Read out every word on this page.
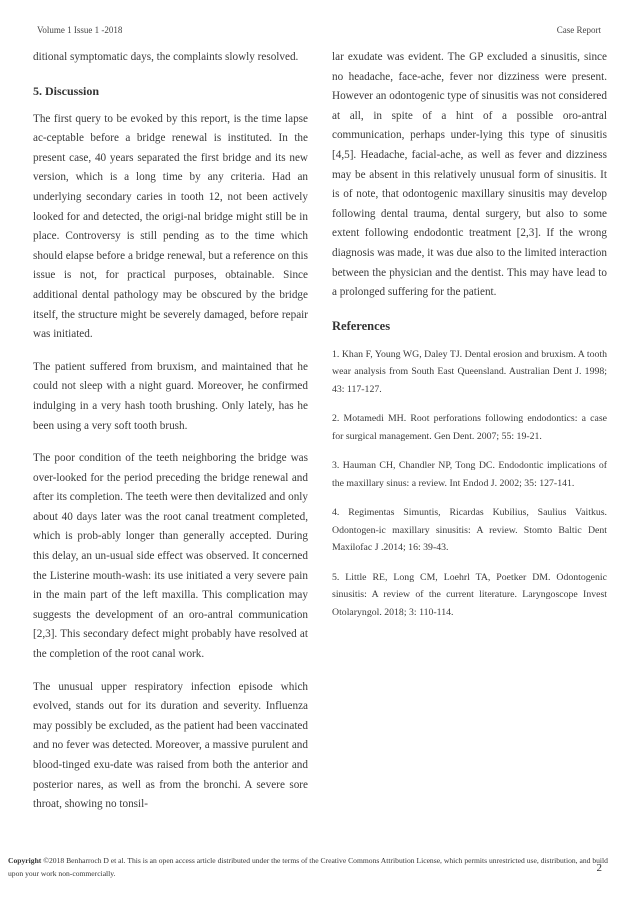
Volume 1 Issue 1 -2018	Case Report

ditional symptomatic days, the complaints slowly resolved.

5. Discussion

The first query to be evoked by this report, is the time lapse ac-ceptable before a bridge renewal is instituted. In the present case, 40 years separated the first bridge and its new version, which is a long time by any criteria. Had an underlying secondary caries in tooth 12, not been actively looked for and detected, the origi-nal bridge might still be in place. Controversy is still pending as to the time which should elapse before a bridge renewal, but a reference on this issue is not, for practical purposes, obtainable. Since additional dental pathology may be obscured by the bridge itself, the structure might be severely damaged, before repair was initiated.

The patient suffered from bruxism, and maintained that he could not sleep with a night guard. Moreover, he confirmed indulging in a very hash tooth brushing. Only lately, has he been using a very soft tooth brush.

The poor condition of the teeth neighboring the bridge was over-looked for the period preceding the bridge renewal and after its completion. The teeth were then devitalized and only about 40 days later was the root canal treatment completed, which is prob-ably longer than generally accepted. During this delay, an un-usual side effect was observed. It concerned the Listerine mouth-wash: its use initiated a very severe pain in the main part of the left maxilla. This complication may suggests the development of an oro-antral communication [2,3]. This secondary defect might probably have resolved at the completion of the root canal work.

The unusual upper respiratory infection episode which evolved, stands out for its duration and severity. Influenza may possibly be excluded, as the patient had been vaccinated and no fever was detected. Moreover, a massive purulent and blood-tinged exu-date was raised from both the anterior and posterior nares, as well as from the bronchi. A severe sore throat, showing no tonsil-

lar exudate was evident. The GP excluded a sinusitis, since no headache, face-ache, fever nor dizziness were present. However an odontogenic type of sinusitis was not considered at all, in spite of a hint of a possible oro-antral communication, perhaps under-lying this type of sinusitis [4,5]. Headache, facial-ache, as well as fever and dizziness may be absent in this relatively unusual form of sinusitis. It is of note, that odontogenic maxillary sinusitis may develop following dental trauma, dental surgery, but also to some extent following endodontic treatment [2,3]. If the wrong diagnosis was made, it was due also to the limited interaction between the physician and the dentist. This may have lead to a prolonged suffering for the patient.

References

1. Khan F, Young WG, Daley TJ. Dental erosion and bruxism. A tooth wear analysis from South East Queensland. Australian Dent J. 1998; 43: 117-127.

2. Motamedi MH. Root perforations following endodontics: a case for surgical management. Gen Dent. 2007; 55: 19-21.

3. Hauman CH, Chandler NP, Tong DC. Endodontic implications of the maxillary sinus: a review. Int Endod J. 2002; 35: 127-141.

4. Regimentas Simuntis, Ricardas Kubilius, Saulius Vaitkus. Odontogen-ic maxillary sinusitis: A review. Stomto Baltic Dent Maxilofac J .2014; 16: 39-43.

5. Little RE, Long CM, Loehrl TA, Poetker DM. Odontogenic sinusitis: A review of the current literature. Laryngoscope Invest Otolaryngol. 2018; 3: 110-114.

Copyright ©2018 Benharroch D et al. This is an open access article distributed under the terms of the Creative Commons Attribution License, which permits unrestricted use, distribution, and build upon your work non-commercially.	2
